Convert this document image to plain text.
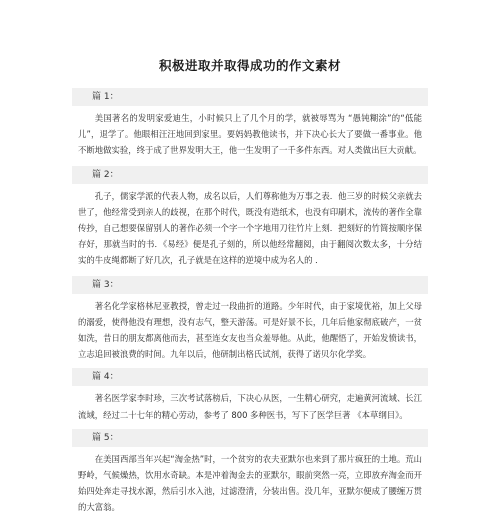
积极进取并取得成功的作文素材
篇 1：
美国著名的发明家爱迪生，小时候只上了几个月的学，就被辱骂为 “愚钝糊涂”的“低能儿”，退学了。他眼相汪汪地回到家里。要妈妈教他读书，并下决心长大了要做一番事业。他不断地做实验，终于成了世界发明大王，他一生发明了一千多件东西。对人类做出巨大贡献。
篇 2：
孔子，儒家学派的代表人物，成名以后，人们尊称他为万事之表．他三岁的时候父亲就去世了，他经常受到亲人的歧视，在那个时代，既没有造纸术，也没有印刷术，流传的著作全靠传抄，自己想要保留别人的著作必须一个字一个字地用刀往竹片上刻．把刻好的竹简按顺序保存好，那就当时的书．《易经》便是孔子刻的，所以他经常翻阅，由于翻阅次数太多，十分结实的牛皮绳都断了好几次，孔子就是在这样的逆境中成为名人的 ．
篇 3：
著名化学家格林尼亚教授，曾走过一段曲折的道路。少年时代，由于家境优裕，加上父母的溺爱，使得他没有理想，没有志气，整天游荡。可是好景不长，几年后他家彻底破产，一贫如洗，昔日的朋友都离他而去，甚至连女友也当众羞辱他。从此，他醒悟了，开始发愤读书，立志追回被浪费的时间。九年以后，他研制出格氏试剂，获得了诺贝尔化学奖。
篇 4：
著名医学家李时珍，三次考试落榜后，下决心从医，一生精心研究，走遍黄河流域、长江流域，经过二十七年的精心劳动，参考了 800 多种医书，写下了医学巨著 《本草纲目》。
篇 5：
在美国西部当年兴起“淘金热”时，一个贫穷的农夫亚默尔也来到了那片疯狂的土地。荒山野岭，气候燥热，饮用水奇缺。本是冲着淘金去的亚默尔，眼前突然一亮，立即放弃淘金而开始四处奔走寻找水源，然后引水入池，过滤澄清，分装出售。没几年，亚默尔便成了腰缠万贯的大富翁。
